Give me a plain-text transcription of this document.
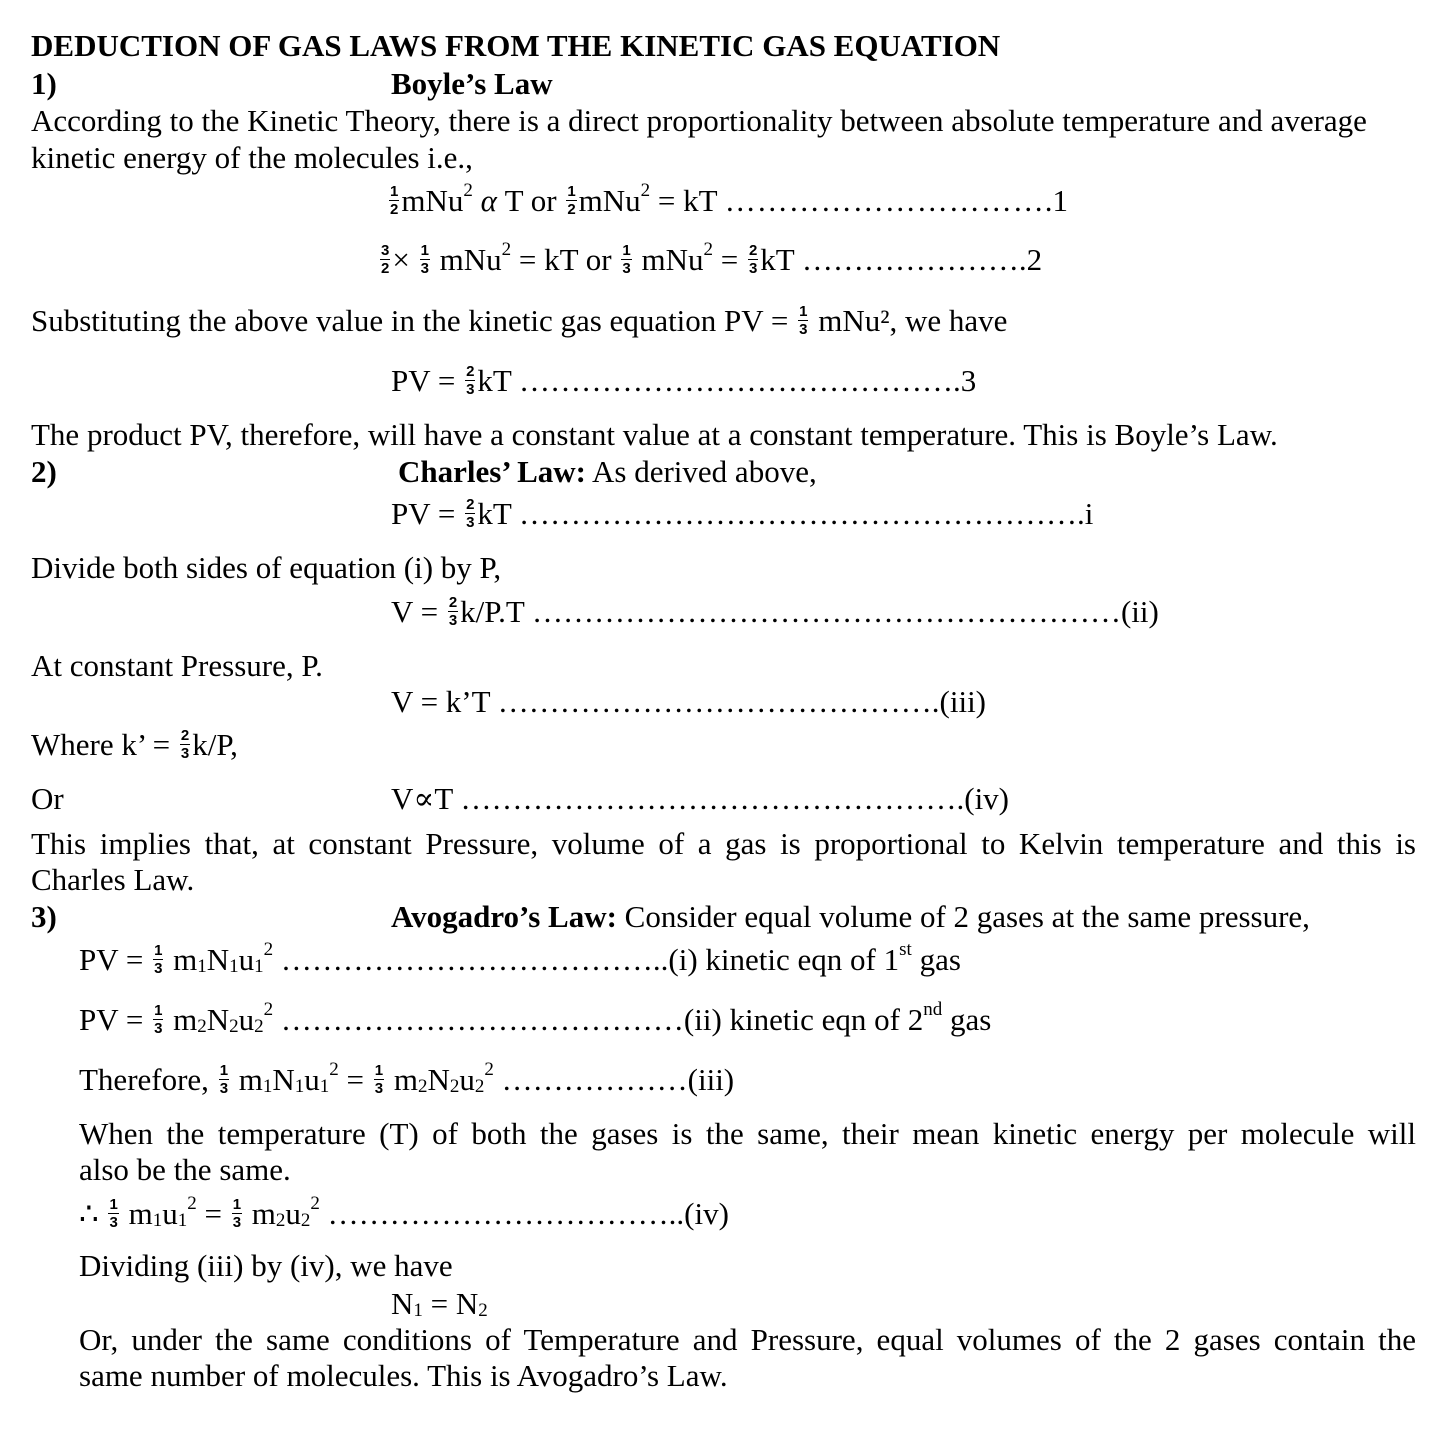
DEDUCTION OF GAS LAWS FROM THE KINETIC GAS EQUATION
1)	Boyle’s Law
According to the Kinetic Theory, there is a direct proportionality between absolute temperature and average
kinetic energy of the molecules i.e.,
$\frac{1}{2} mNu^2$ α T or $\frac{1}{2} mNu^2$ = kT ………………………….1
$\frac{3}{2} \times \frac{1}{3} mNu^2$ = kT or $\frac{1}{3} mNu^2 = \frac{2}{3}$ kT ………………….2
Substituting the above value in the kinetic gas equation PV = $\frac{1}{3} mNu^2$, we have
PV = $\frac{2}{3}$ kT …………………………………….3
The product PV, therefore, will have a constant value at a constant temperature. This is Boyle’s Law.
2)	Charles’ Law: As derived above,
PV = $\frac{2}{3}$ kT ……………………………………………….i
Divide both sides of equation (i) by P,
$V = \frac{2}{3} k/P.T$ …………………………………………………(ii)
At constant Pressure, P.
V = k’T …………………………………….(iii)
Where k’ = $\frac{2}{3} k/P$,
Or	V∝T ………………………………………….(iv)
This implies that, at constant Pressure, volume of a gas is proportional to Kelvin temperature and this is
Charles Law.
3)	Avogadro’s Law: Consider equal volume of 2 gases at the same pressure,
PV = $\frac{1}{3} m_1N_1u_1^2$ ………………………………..(i) kinetic eqn of 1st gas
PV = $\frac{1}{3} m_2N_2u_2^2$ …………………………………(ii) kinetic eqn of 2nd gas
Therefore, $\frac{1}{3} m_1N_1u_1^2 = \frac{1}{3} m_2N_2u_2^2$ ………………(iii)
When the temperature (T) of both the gases is the same, their mean kinetic energy per molecule will
also be the same.
∴ $\frac{1}{3} m_1u_1^2 = \frac{1}{3} m_2u_2^2$ ……………………………..(iv)
Dividing (iii) by (iv), we have
$N_1 = N_2$
Or, under the same conditions of Temperature and Pressure, equal volumes of the 2 gases contain the
same number of molecules. This is Avogadro’s Law.
